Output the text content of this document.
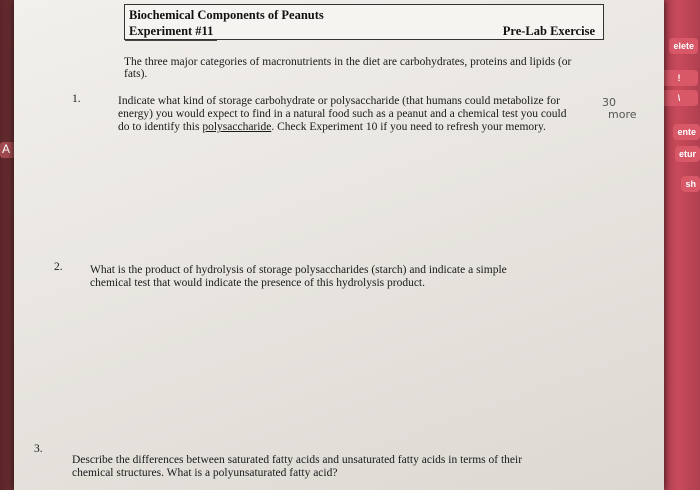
A
elete
!
\
ente
etur
sh
Biochemical Components of Peanuts
Experiment #11	Pre-Lab Exercise
The three major categories of macronutrients in the diet are carbohydrates, proteins and lipids (or
fats).
1.	Indicate what kind of storage carbohydrate or polysaccharide (that humans could metabolize for
energy) you would expect to find in a natural food such as a peanut and a chemical test you could
do to identify this polysaccharide. Check Experiment 10 if you need to refresh your memory.
30
more
2. What is the product of hydrolysis of storage polysaccharides (starch) and indicate a simple
chemical test that would indicate the presence of this hydrolysis product.
3.
Describe the differences between saturated fatty acids and unsaturated fatty acids in terms of their
chemical structures. What is a polyunsaturated fatty acid?
